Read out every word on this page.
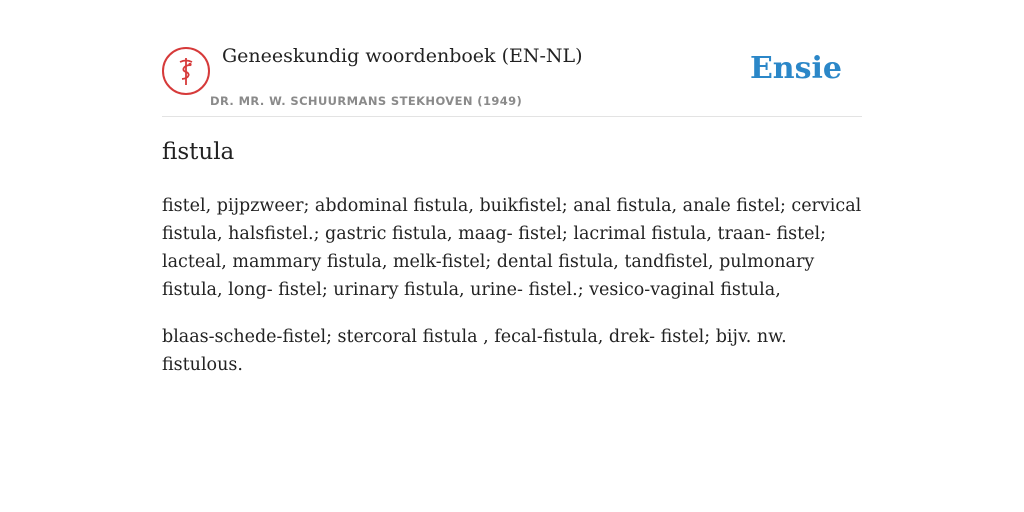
Geneeskundig woordenboek (EN-NL)
DR. MR. W. SCHUURMANS STEKHOVEN (1949)
Ensie
fistula

fistel, pijpzweer; abdominal fistula, buikfistel; anal fistula, anale fistel; cervical fistula, halsfistel.; gastric fistula, maag- fistel; lacrimal fistula, traan- fistel; lacteal, mammary fistula, melk-fistel; dental fistula, tandfistel, pulmonary fistula, long- fistel; urinary fistula, urine- fistel.; vesico-vaginal fistula,

blaas-schede-fistel; stercoral fistula , fecal-fistula, drek- fistel; bijv. nw. fistulous.
